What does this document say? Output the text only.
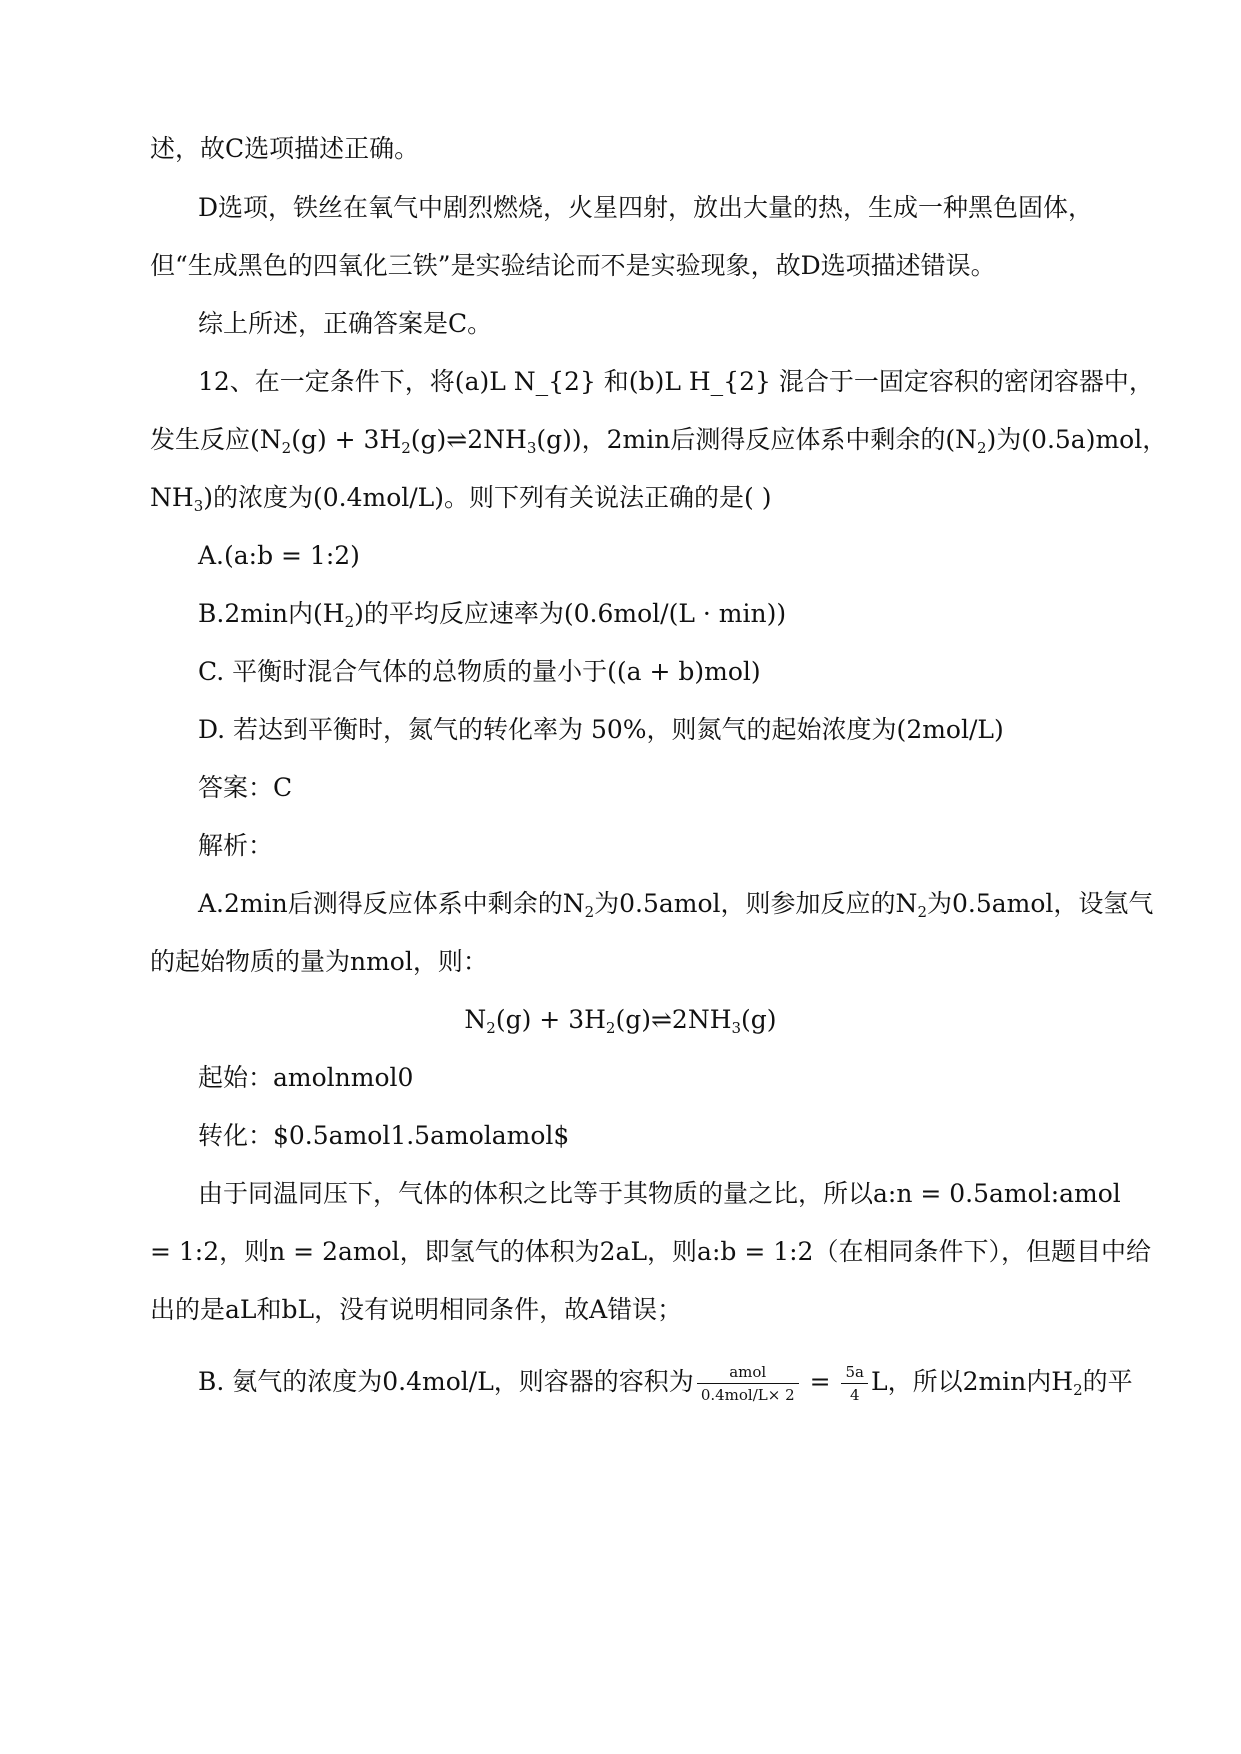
述，故C选项描述正确。
D选项，铁丝在氧气中剧烈燃烧，火星四射，放出大量的热，生成一种黑色固体，
但“生成黑色的四氧化三铁”是实验结论而不是实验现象，故D选项描述错误。
综上所述，正确答案是C。
12、在一定条件下，将(a)L N_{2} 和(b)L H_{2} 混合于一固定容积的密闭容器中，
发生反应($N_2(g)$ + $3H_2(g)\rightleftharpoons 2NH_3(g)$)，2min后测得反应体系中剩余的$(N_2)$为(0.5a)mol，
$NH_3$)的浓度为(0.4mol/L)。则下列有关说法正确的是( )
A.(a:b = 1:2)
B.2min内$(H_2)$的平均反应速率为(0.6mol/(L · min))
C. 平衡时混合气体的总物质的量小于((a + b)mol)
D. 若达到平衡时，氮气的转化率为 50%，则氮气的起始浓度为(2mol/L)
答案：C
解析：
A.2min后测得反应体系中剩余的$N_2$为0.5amol，则参加反应的$N_2$为0.5amol，设氢气
的起始物质的量为nmol，则：
$N_2(g)$ + $3H_2(g)\rightleftharpoons 2NH_3(g)$
起始：amolnmol0
转化：$0.5amol1.5amolamol$
由于同温同压下，气体的体积之比等于其物质的量之比，所以a:n = 0.5amol:amol
= 1:2，则n = 2amol，即氢气的体积为2aL，则a:b = 1:2（在相同条件下），但题目中给
出的是aL和bL，没有说明相同条件，故A错误；
B. 氨气的浓度为0.4mol/L，则容器的容积为 $\frac{\text{amol}}{\text{0.4mol/L× 2}} = \frac{5a}{4}$ L，所以2min内$H_2$的平
